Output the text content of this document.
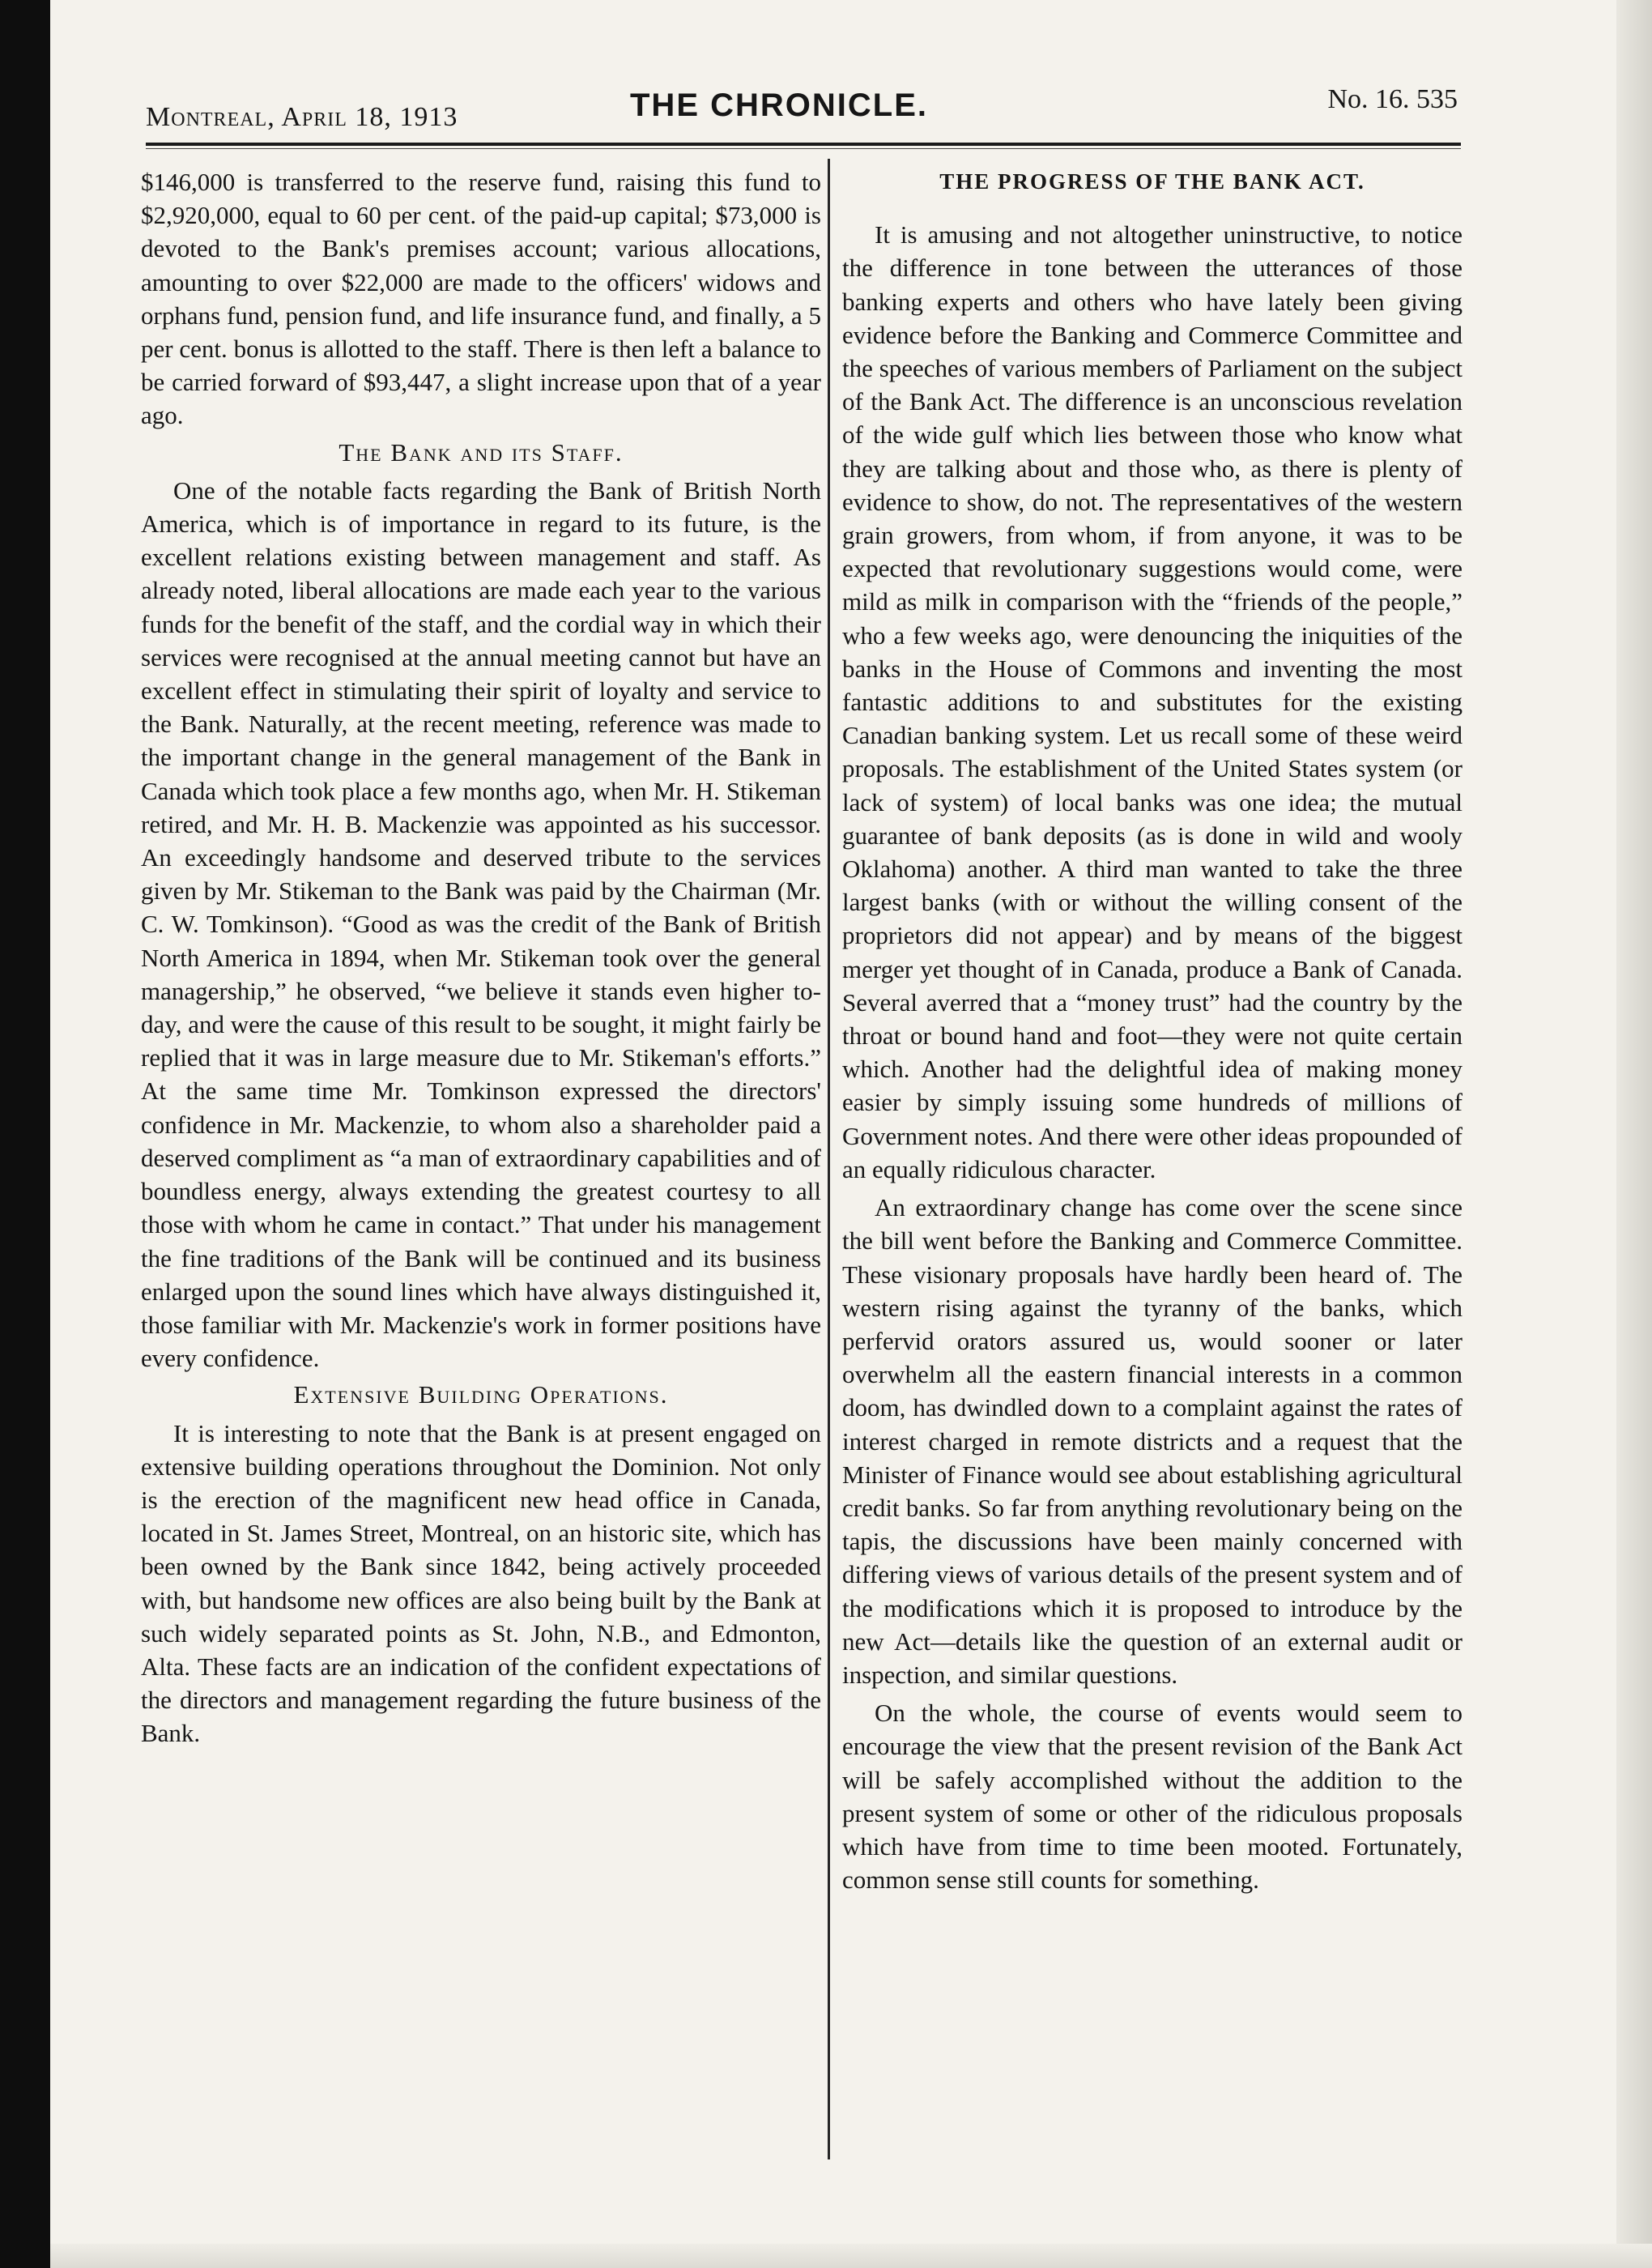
Montreal, April 18, 1913	THE CHRONICLE.	No. 16. 535

$146,000 is transferred to the reserve fund, raising this fund to $2,920,000, equal to 60 per cent. of the paid-up capital; $73,000 is devoted to the Bank's premises account; various allocations, amounting to over $22,000 are made to the officers' widows and orphans fund, pension fund, and life insurance fund, and finally, a 5 per cent. bonus is allotted to the staff. There is then left a balance to be carried forward of $93,447, a slight increase upon that of a year ago.

The Bank and its Staff.

One of the notable facts regarding the Bank of British North America, which is of importance in regard to its future, is the excellent relations existing between management and staff. As already noted, liberal allocations are made each year to the various funds for the benefit of the staff, and the cordial way in which their services were recognised at the annual meeting cannot but have an excellent effect in stimulating their spirit of loyalty and service to the Bank. Naturally, at the recent meeting, reference was made to the important change in the general management of the Bank in Canada which took place a few months ago, when Mr. H. Stikeman retired, and Mr. H. B. Mackenzie was appointed as his successor. An exceedingly handsome and deserved tribute to the services given by Mr. Stikeman to the Bank was paid by the Chairman (Mr. C. W. Tomkinson). “Good as was the credit of the Bank of British North America in 1894, when Mr. Stikeman took over the general managership,” he observed, “we believe it stands even higher to-day, and were the cause of this result to be sought, it might fairly be replied that it was in large measure due to Mr. Stikeman's efforts.” At the same time Mr. Tomkinson expressed the directors' confidence in Mr. Mackenzie, to whom also a shareholder paid a deserved compliment as “a man of extraordinary capabilities and of boundless energy, always extending the greatest courtesy to all those with whom he came in contact.” That under his management the fine traditions of the Bank will be continued and its business enlarged upon the sound lines which have always distinguished it, those familiar with Mr. Mackenzie's work in former positions have every confidence.

Extensive Building Operations.

It is interesting to note that the Bank is at present engaged on extensive building operations throughout the Dominion. Not only is the erection of the magnificent new head office in Canada, located in St. James Street, Montreal, on an historic site, which has been owned by the Bank since 1842, being actively proceeded with, but handsome new offices are also being built by the Bank at such widely separated points as St. John, N.B., and Edmonton, Alta. These facts are an indication of the confident expectations of the directors and management regarding the future business of the Bank.

THE PROGRESS OF THE BANK ACT.

It is amusing and not altogether uninstructive, to notice the difference in tone between the utterances of those banking experts and others who have lately been giving evidence before the Banking and Commerce Committee and the speeches of various members of Parliament on the subject of the Bank Act. The difference is an unconscious revelation of the wide gulf which lies between those who know what they are talking about and those who, as there is plenty of evidence to show, do not. The representatives of the western grain growers, from whom, if from anyone, it was to be expected that revolutionary suggestions would come, were mild as milk in comparison with the “friends of the people,” who a few weeks ago, were denouncing the iniquities of the banks in the House of Commons and inventing the most fantastic additions to and substitutes for the existing Canadian banking system. Let us recall some of these weird proposals. The establishment of the United States system (or lack of system) of local banks was one idea; the mutual guarantee of bank deposits (as is done in wild and wooly Oklahoma) another. A third man wanted to take the three largest banks (with or without the willing consent of the proprietors did not appear) and by means of the biggest merger yet thought of in Canada, produce a Bank of Canada. Several averred that a “money trust” had the country by the throat or bound hand and foot—they were not quite certain which. Another had the delightful idea of making money easier by simply issuing some hundreds of millions of Government notes. And there were other ideas propounded of an equally ridiculous character.

An extraordinary change has come over the scene since the bill went before the Banking and Commerce Committee. These visionary proposals have hardly been heard of. The western rising against the tyranny of the banks, which perfervid orators assured us, would sooner or later overwhelm all the eastern financial interests in a common doom, has dwindled down to a complaint against the rates of interest charged in remote districts and a request that the Minister of Finance would see about establishing agricultural credit banks. So far from anything revolutionary being on the tapis, the discussions have been mainly concerned with differing views of various details of the present system and of the modifications which it is proposed to introduce by the new Act—details like the question of an external audit or inspection, and similar questions.

On the whole, the course of events would seem to encourage the view that the present revision of the Bank Act will be safely accomplished without the addition to the present system of some or other of the ridiculous proposals which have from time to time been mooted. Fortunately, common sense still counts for something.
